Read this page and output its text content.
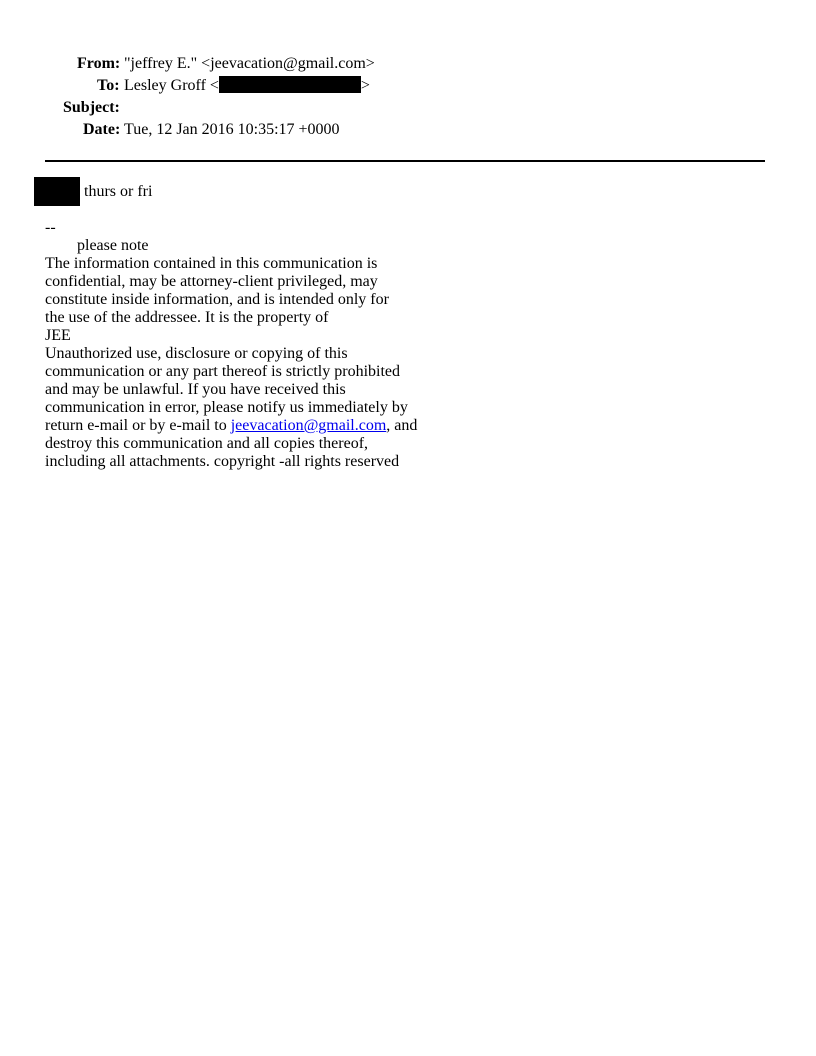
From: "jeffrey E." <jeevacation@gmail.com>
To: Lesley Groff <	>
Subject:
Date: Tue, 12 Jan 2016 10:35:17 +0000
thurs or fri
--
please note
The information contained in this communication is
confidential, may be attorney-client privileged, may
constitute inside information, and is intended only for
the use of the addressee. It is the property of
JEE
Unauthorized use, disclosure or copying of this
communication or any part thereof is strictly prohibited
and may be unlawful. If you have received this
communication in error, please notify us immediately by
return e-mail or by e-mail to jeevacation@gmail.com, and
destroy this communication and all copies thereof,
including all attachments. copyright -all rights reserved
